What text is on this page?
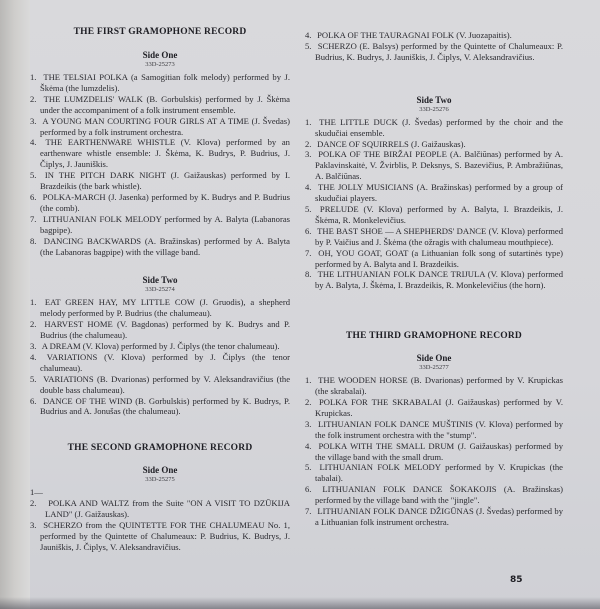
THE FIRST GRAMOPHONE RECORD
Side One
33D-25273
1. THE TELSIAI POLKA (a Samogitian folk melody) performed by J. Škėma (the lumzdelis).
2. THE LUMZDELIS' WALK (B. Gorbulskis) performed by J. Škėma under the accompaniment of a folk instrument ensemble.
3. A YOUNG MAN COURTING FOUR GIRLS AT A TIME (J. Švedas) performed by a folk instrument orchestra.
4. THE EARTHENWARE WHISTLE (V. Klova) performed by an earthenware whistle ensemble: J. Škėma, K. Budrys, P. Budrius, J. Čiplys, J. Jauniškis.
5. IN THE PITCH DARK NIGHT (J. Gaižauskas) performed by I. Brazdeikis (the bark whistle).
6. POLKA-MARCH (J. Jasenka) performed by K. Budrys and P. Budrius (the comb).
7. LITHUANIAN FOLK MELODY performed by A. Balyta (Labanoras bagpipe).
8. DANCING BACKWARDS (A. Bražinskas) performed by A. Balyta (the Labanoras bagpipe) with the village band.
Side Two
33D-25274
1. EAT GREEN HAY, MY LITTLE COW (J. Gruodis), a shepherd melody performed by P. Budrius (the chalumeau).
2. HARVEST HOME (V. Bagdonas) performed by K. Budrys and P. Budrius (the chalumeau).
3. A DREAM (V. Klova) performed by J. Čiplys (the tenor chalumeau).
4. VARIATIONS (V. Klova) performed by J. Čiplys (the tenor chalumeau).
5. VARIATIONS (B. Dvarionas) performed by V. Aleksandravičius (the double bass chalumeau).
6. DANCE OF THE WIND (B. Gorbulskis) performed by K. Budrys, P. Budrius and A. Jonušas (the chalumeau).
THE SECOND GRAMOPHONE RECORD
Side One
33D-25275
1—2. POLKA AND WALTZ from the Suite "ON A VISIT TO DZŪKIJA LAND" (J. Gaižauskas).
3. SCHERZO from the QUINTETTE FOR THE CHALUMEAU No. 1, performed by the Quintette of Chalumeaux: P. Budrius, K. Budrys, J. Jauniškis, J. Čiplys, V. Aleksandravičius.
4. POLKA OF THE TAURAGNAI FOLK (V. Juozapaitis).
5. SCHERZO (E. Balsys) performed by the Quintette of Chalumeaux: P. Budrius, K. Budrys, J. Jauniškis, J. Čiplys, V. Aleksandravičius.
Side Two
33D-25276
1. THE LITTLE DUCK (J. Švedas) performed by the choir and the skudučiai ensemble.
2. DANCE OF SQUIRRELS (J. Gaižauskas).
3. POLKA OF THE BIRŽAI PEOPLE (A. Balčiūnas) performed by A. Paklavinskaitė, V. Žvirblis, P. Deksnys, S. Bazevičius, P. Ambražiūnas, A. Balčiūnas.
4. THE JOLLY MUSICIANS (A. Bražinskas) performed by a group of skudučiai players.
5. PRELUDE (V. Klova) performed by A. Balyta, I. Brazdeikis, J. Škėma, R. Monkelevičius.
6. THE BAST SHOE — A SHEPHERDS' DANCE (V. Klova) performed by P. Vaičius and J. Škėma (the ožragis with chalumeau mouthpiece).
7. OH, YOU GOAT, GOAT (a Lithuanian folk song of sutartinės type) performed by A. Balyta and I. Brazdeikis.
8. THE LITHUANIAN FOLK DANCE TRIJULA (V. Klova) performed by A. Balyta, J. Škėma, I. Brazdeikis, R. Monkelevičius (the horn).
THE THIRD GRAMOPHONE RECORD
Side One
33D-25277
1. THE WOODEN HORSE (B. Dvarionas) performed by V. Krupickas (the skrabalai).
2. POLKA FOR THE SKRABALAI (J. Gaižauskas) performed by V. Krupickas.
3. LITHUANIAN FOLK DANCE MUŠTINIS (V. Klova) performed by the folk instrument orchestra with the "stump".
4. POLKA WITH THE SMALL DRUM (J. Gaižauskas) performed by the village band with the small drum.
5. LITHUANIAN FOLK MELODY performed by V. Krupickas (the tabalai).
6. LITHUANIAN FOLK DANCE ŠOKAKOJIS (A. Bražinskas) performed by the village band with the "jingle".
7. LITHUANIAN FOLK DANCE DŽIGŪNAS (J. Švedas) performed by a Lithuanian folk instrument orchestra.
85
